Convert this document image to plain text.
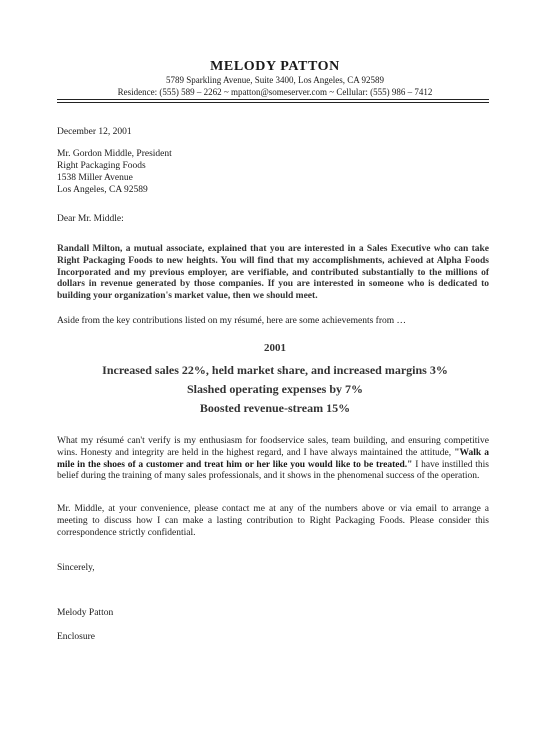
MELODY PATTON
5789 Sparkling Avenue, Suite 3400, Los Angeles, CA 92589
Residence: (555) 589 – 2262 ~ mpatton@someserver.com ~ Cellular: (555) 986 – 7412
December 12, 2001
Mr. Gordon Middle, President
Right Packaging Foods
1538 Miller Avenue
Los Angeles, CA 92589
Dear Mr. Middle:
Randall Milton, a mutual associate, explained that you are interested in a Sales Executive who can take Right Packaging Foods to new heights. You will find that my accomplishments, achieved at Alpha Foods Incorporated and my previous employer, are verifiable, and contributed substantially to the millions of dollars in revenue generated by those companies. If you are interested in someone who is dedicated to building your organization's market value, then we should meet.
Aside from the key contributions listed on my résumé, here are some achievements from …
2001
Increased sales 22%, held market share, and increased margins 3%
Slashed operating expenses by 7%
Boosted revenue-stream 15%
What my résumé can't verify is my enthusiasm for foodservice sales, team building, and ensuring competitive wins. Honesty and integrity are held in the highest regard, and I have always maintained the attitude, "Walk a mile in the shoes of a customer and treat him or her like you would like to be treated." I have instilled this belief during the training of many sales professionals, and it shows in the phenomenal success of the operation.
Mr. Middle, at your convenience, please contact me at any of the numbers above or via email to arrange a meeting to discuss how I can make a lasting contribution to Right Packaging Foods. Please consider this correspondence strictly confidential.
Sincerely,
Melody Patton
Enclosure
